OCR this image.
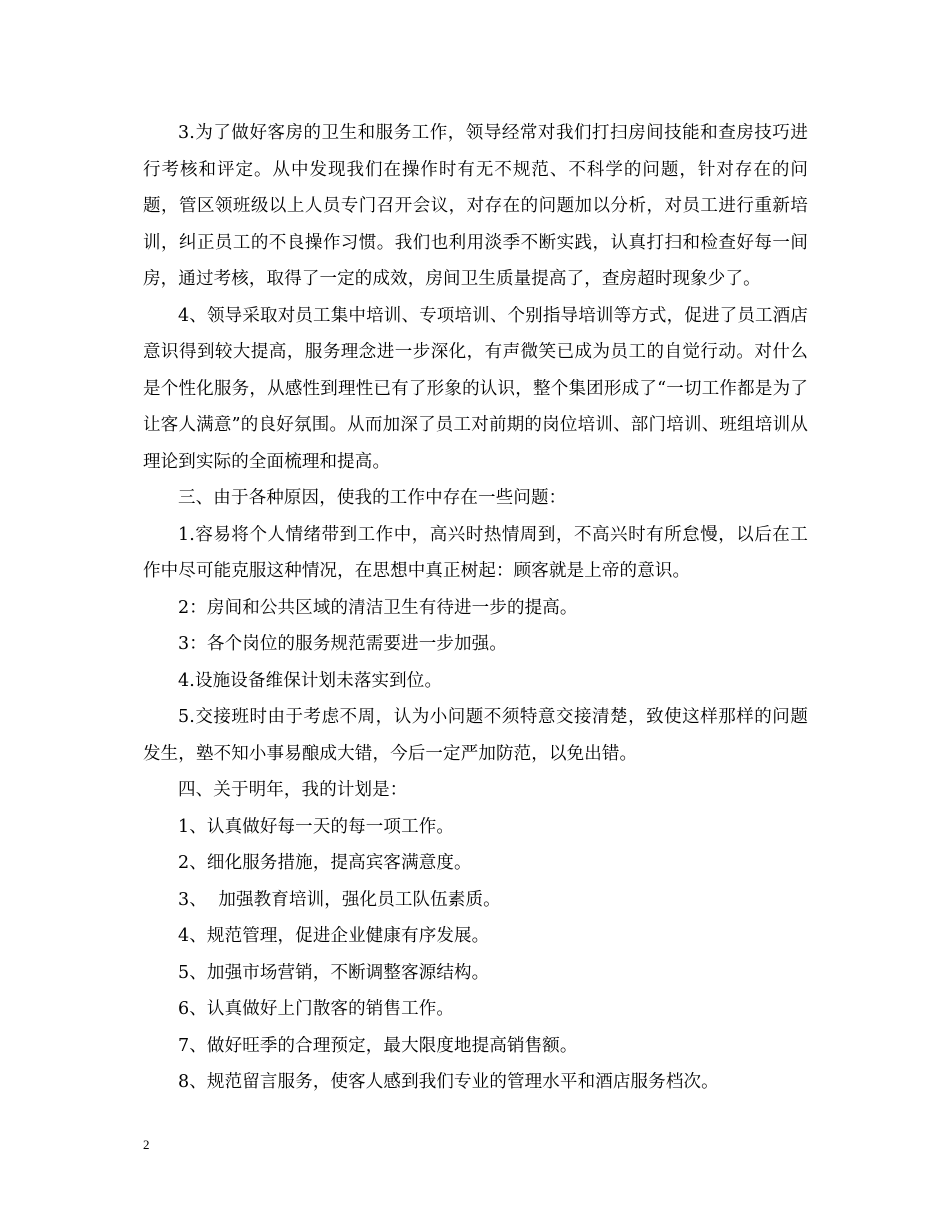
3.为了做好客房的卫生和服务工作，领导经常对我们打扫房间技能和查房技巧进行考核和评定。从中发现我们在操作时有无不规范、不科学的问题，针对存在的问题，管区领班级以上人员专门召开会议，对存在的问题加以分析，对员工进行重新培训，纠正员工的不良操作习惯。我们也利用淡季不断实践，认真打扫和检查好每一间房，通过考核，取得了一定的成效，房间卫生质量提高了，查房超时现象少了。

4、领导采取对员工集中培训、专项培训、个别指导培训等方式，促进了员工酒店意识得到较大提高，服务理念进一步深化，有声微笑已成为员工的自觉行动。对什么是个性化服务，从感性到理性已有了形象的认识，整个集团形成了“一切工作都是为了让客人满意”的良好氛围。从而加深了员工对前期的岗位培训、部门培训、班组培训从理论到实际的全面梳理和提高。

三、由于各种原因，使我的工作中存在一些问题：

1.容易将个人情绪带到工作中，高兴时热情周到，不高兴时有所怠慢，以后在工作中尽可能克服这种情况，在思想中真正树起：顾客就是上帝的意识。

2：房间和公共区域的清洁卫生有待进一步的提高。

3：各个岗位的服务规范需要进一步加强。

4.设施设备维保计划未落实到位。

5.交接班时由于考虑不周，认为小问题不须特意交接清楚，致使这样那样的问题发生，塾不知小事易酿成大错，今后一定严加防范，以免出错。

四、关于明年，我的计划是：

1、认真做好每一天的每一项工作。

2、细化服务措施，提高宾客满意度。

3、  加强教育培训，强化员工队伍素质。

4、规范管理，促进企业健康有序发展。

5、加强市场营销，不断调整客源结构。

6、认真做好上门散客的销售工作。

7、做好旺季的合理预定，最大限度地提高销售额。

8、规范留言服务，使客人感到我们专业的管理水平和酒店服务档次。

2
